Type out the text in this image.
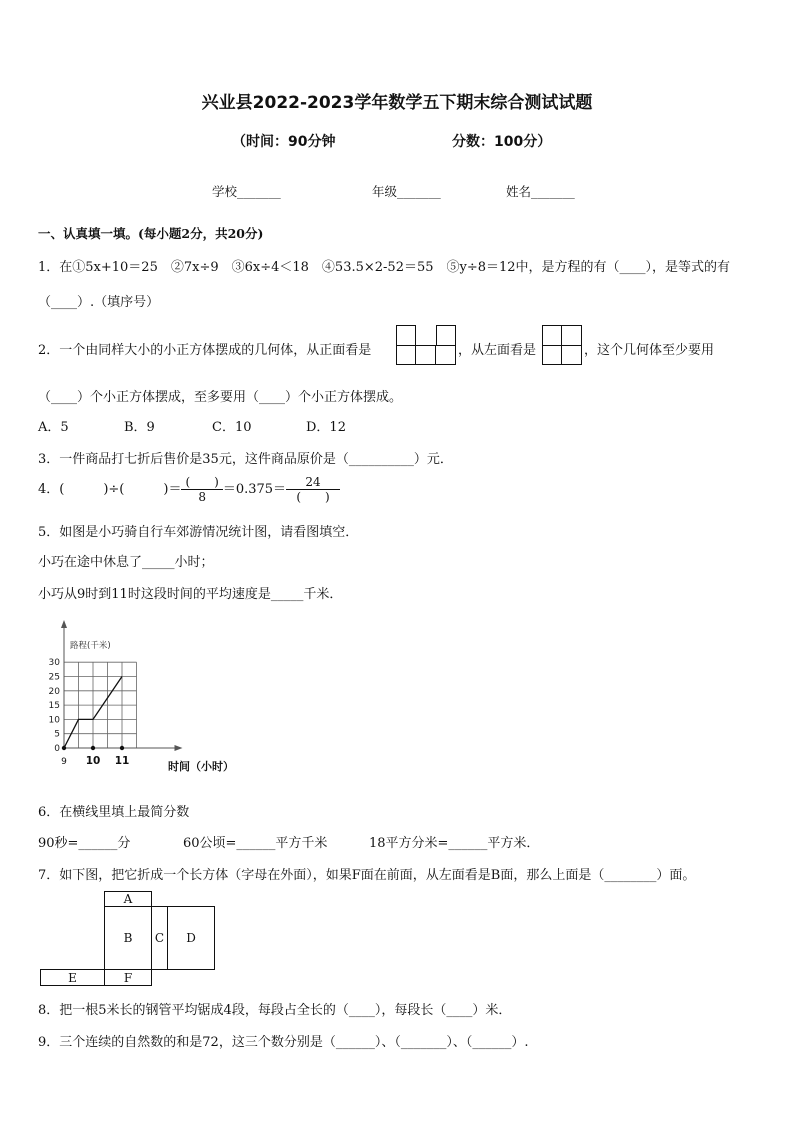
兴业县2022-2023学年数学五下期末综合测试试题
（时间：90分钟	分数：100分）
学校_______	年级_______	姓名_______
一、认真填一填。(每小题2分，共20分)
1．在①5x+10＝25　②7x÷9　③6x÷4＜18　④53.5×2-52＝55　⑤y÷8＝12中，是方程的有（____），是等式的有
（____）.（填序号）
2．一个由同样大小的小正方体摆成的几何体，从正面看是	，从左面看是	，这个几何体至少要用
（____）个小正方体摆成，至多要用（____）个小正方体摆成。
A．5	B．9	C．10	D．12
3．一件商品打七折后售价是35元，这件商品原价是（__________）元．
4．(　　　)÷(　　　)＝ $\frac{( )}{8} =0.375= \frac{24}{( )}$
5．如图是小巧骑自行车郊游情况统计图，请看图填空．
小巧在途中休息了_____小时；
小巧从9时到11时这段时间的平均速度是_____千米．
路程(千米)
0
5
10
15
20
25
30
9 10 11	时间（小时）
6．在横线里填上最简分数
90秒=______分	60公顷=______平方千米	18平方分米=______平方米．
7．如下图，把它折成一个长方体（字母在外面），如果F面在前面，从左面看是B面，那么上面是（________）面。
A
B	C	D
E	F
8．把一根5米长的钢管平均锯成4段，每段占全长的（____），每段长（____）米．
9．三个连续的自然数的和是72，这三个数分别是（______）、（_______）、（______）.
